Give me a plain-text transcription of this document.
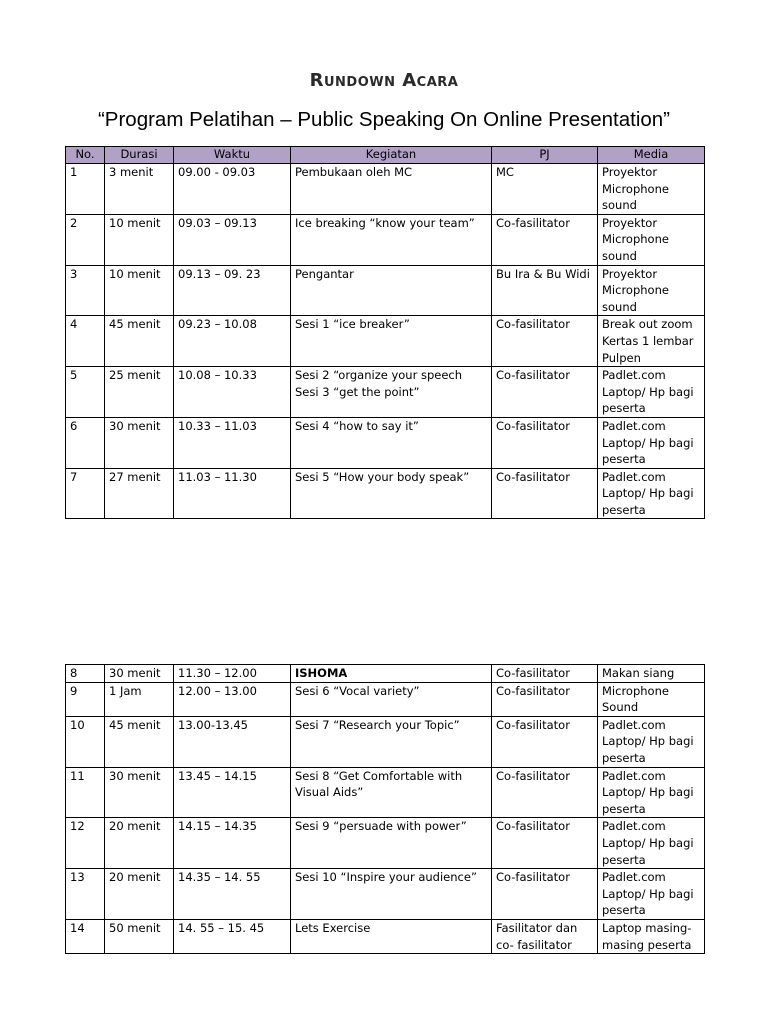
Rundown Acara
“Program Pelatihan – Public Speaking On Online Presentation”
No.	Durasi	Waktu	Kegiatan	PJ	Media
1	3 menit	09.00 - 09.03	Pembukaan oleh MC	MC	Proyektor
Microphone
sound

2	10 menit	09.03 – 09.13	Ice breaking “know your team”	Co-fasilitator	Proyektor
Microphone
sound

3	10 menit	09.13 – 09. 23	Pengantar	Bu Ira & Bu Widi	Proyektor
Microphone
sound

4	45 menit	09.23 – 10.08	Sesi 1 “ice breaker”	Co-fasilitator	Break out zoom
Kertas 1 lembar
Pulpen

5	25 menit	10.08 – 10.33	Sesi 2 “organize your speech
Sesi 3 “get the point”	Co-fasilitator	Padlet.com
Laptop/ Hp bagi
peserta

6	30 menit	10.33 – 11.03	Sesi 4 “how to say it”	Co-fasilitator	Padlet.com
Laptop/ Hp bagi
peserta

7	27 menit	11.03 – 11.30	Sesi 5 “How your body speak”	Co-fasilitator	Padlet.com
Laptop/ Hp bagi
peserta
8	30 menit	11.30 – 12.00	ISHOMA	Co-fasilitator	Makan siang

9	1 Jam	12.00 – 13.00	Sesi 6 “Vocal variety”	Co-fasilitator	Microphone
Sound

10	45 menit	13.00-13.45	Sesi 7 “Research your Topic”	Co-fasilitator	Padlet.com
Laptop/ Hp bagi
peserta

11	30 menit	13.45 – 14.15	Sesi 8 “Get Comfortable with
Visual Aids”	Co-fasilitator	Padlet.com
Laptop/ Hp bagi
peserta

12	20 menit	14.15 – 14.35	Sesi 9 “persuade with power”	Co-fasilitator	Padlet.com
Laptop/ Hp bagi
peserta

13	20 menit	14.35 – 14. 55	Sesi 10 “Inspire your audience”	Co-fasilitator	Padlet.com
Laptop/ Hp bagi
peserta

14	50 menit	14. 55 – 15. 45	Lets Exercise	Fasilitator dan
co- fasilitator	Laptop masing-
masing peserta
